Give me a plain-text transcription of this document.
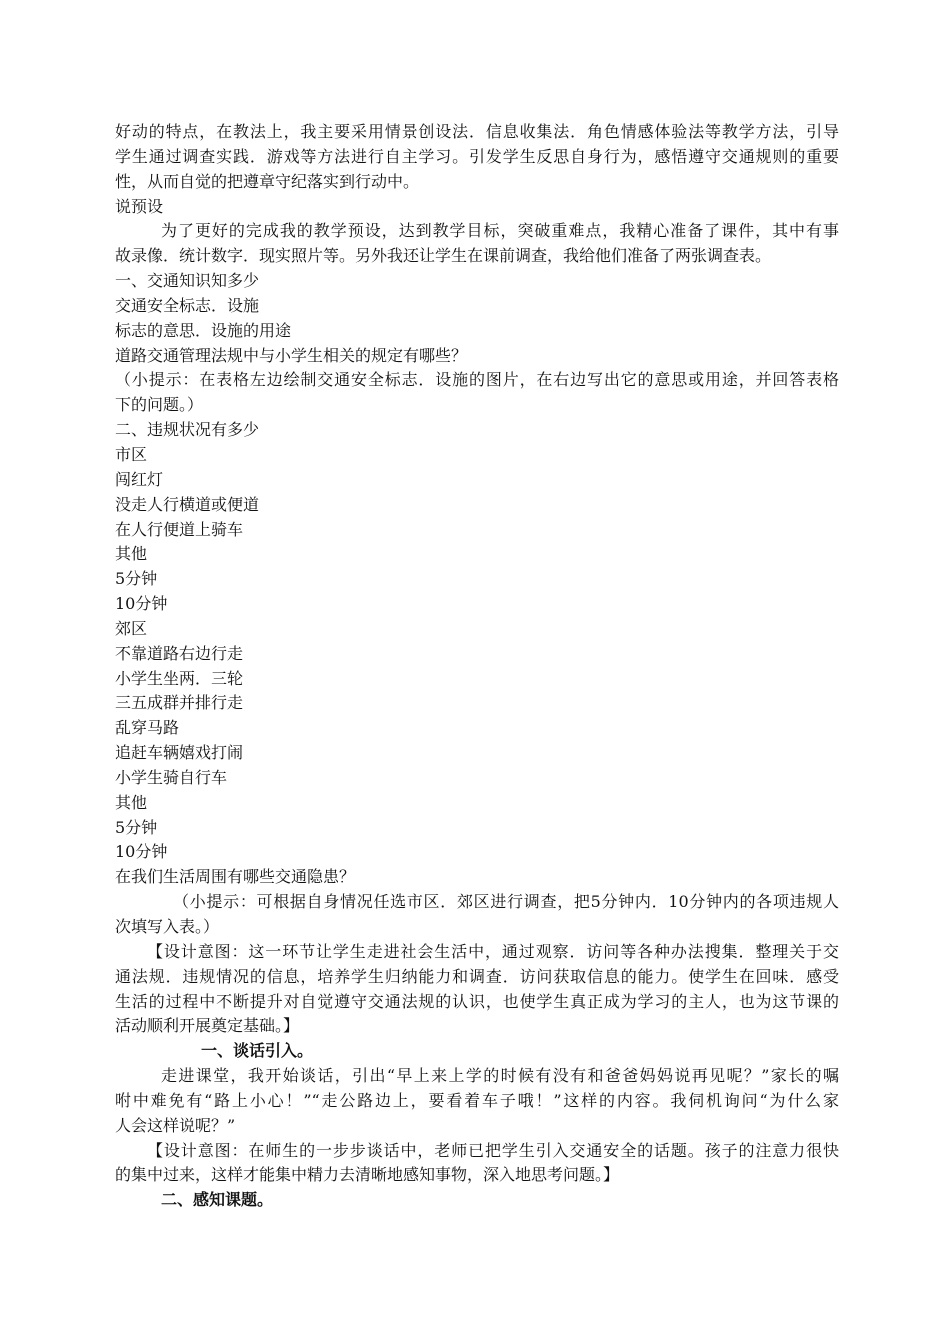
好动的特点，在教法上，我主要采用情景创设法．信息收集法．角色情感体验法等教学方法，引导
学生通过调查实践．游戏等方法进行自主学习。引发学生反思自身行为，感悟遵守交通规则的重要
性，从而自觉的把遵章守纪落实到行动中。
说预设
为了更好的完成我的教学预设，达到教学目标，突破重难点，我精心准备了课件，其中有事
故录像．统计数字．现实照片等。另外我还让学生在课前调查，我给他们准备了两张调查表。
一、交通知识知多少
交通安全标志．设施
标志的意思．设施的用途
道路交通管理法规中与小学生相关的规定有哪些？
（小提示：在表格左边绘制交通安全标志．设施的图片，在右边写出它的意思或用途，并回答表格
下的问题。）
二、违规状况有多少
市区
闯红灯
没走人行横道或便道
在人行便道上骑车
其他
5分钟
10分钟
郊区
不靠道路右边行走
小学生坐两．三轮
三五成群并排行走
乱穿马路
追赶车辆嬉戏打闹
小学生骑自行车
其他
5分钟
10分钟
在我们生活周围有哪些交通隐患？
（小提示：可根据自身情况任选市区．郊区进行调查，把5分钟内．10分钟内的各项违规人
次填写入表。）
【设计意图：这一环节让学生走进社会生活中，通过观察．访问等各种办法搜集．整理关于交
通法规．违规情况的信息，培养学生归纳能力和调查．访问获取信息的能力。使学生在回味．感受
生活的过程中不断提升对自觉遵守交通法规的认识，也使学生真正成为学习的主人，也为这节课的
活动顺利开展奠定基础。】
一、谈话引入。
走进课堂，我开始谈话，引出“早上来上学的时候有没有和爸爸妈妈说再见呢？”家长的嘱
咐中难免有“路上小心！”“走公路边上，要看着车子哦！”这样的内容。我伺机询问“为什么家
人会这样说呢？”
【设计意图：在师生的一步步谈话中，老师已把学生引入交通安全的话题。孩子的注意力很快
的集中过来，这样才能集中精力去清晰地感知事物，深入地思考问题。】
二、感知课题。
